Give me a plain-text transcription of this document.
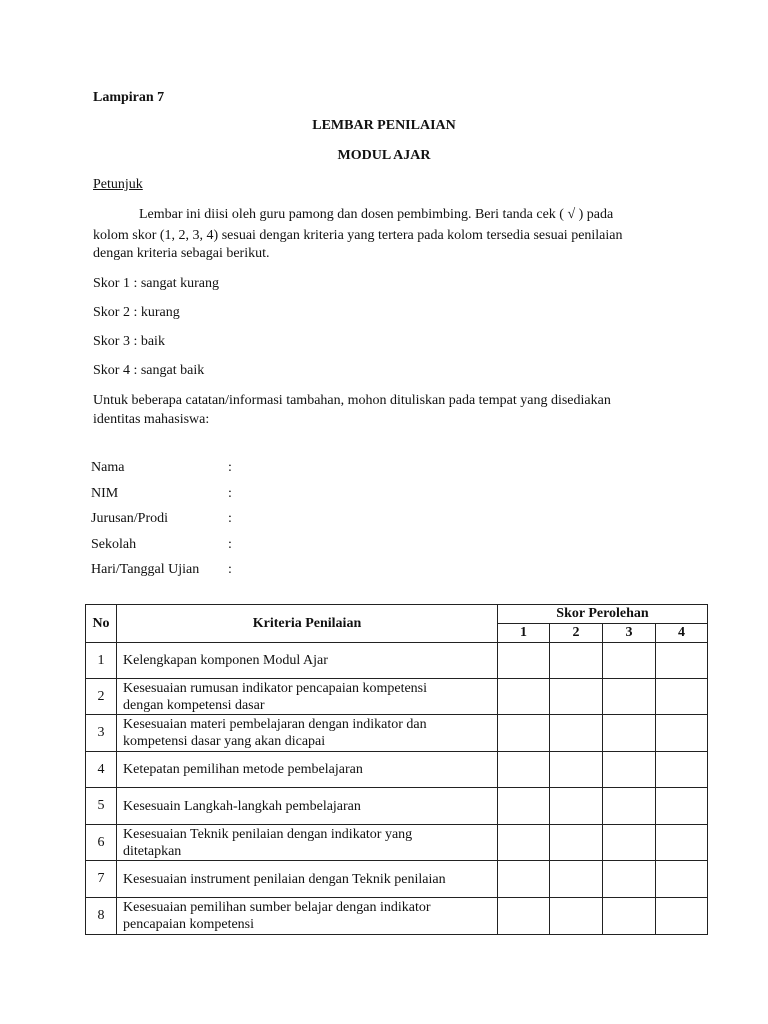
Lampiran 7
LEMBAR PENILAIAN
MODUL AJAR
Petunjuk
Lembar ini diisi oleh guru pamong dan dosen pembimbing. Beri tanda cek ( √ ) pada
kolom skor (1, 2, 3, 4) sesuai dengan kriteria yang tertera pada kolom tersedia sesuai penilaian
dengan kriteria sebagai berikut.
Skor 1 : sangat kurang
Skor 2 : kurang
Skor 3 : baik
Skor 4 : sangat baik
Untuk beberapa catatan/informasi tambahan, mohon dituliskan pada tempat yang disediakan
identitas mahasiswa:
Nama	:
NIM	:
Jurusan/Prodi	:
Sekolah	:
Hari/Tanggal Ujian :
No	Kriteria Penilaian	Skor Perolehan			
		1	2	3	4
1	Kelengkapan komponen Modul Ajar				

2	Kesesuaian rumusan indikator pencapaian kompetensi
dengan kompetensi dasar				

3	Kesesuaian materi pembelajaran dengan indikator dan
kompetensi dasar yang akan dicapai				

4	Ketepatan pemilihan metode pembelajaran				

5	Kesesuain Langkah-langkah pembelajaran				

6	Kesesuaian Teknik penilaian dengan indikator yang
ditetapkan				

7	Kesesuaian instrument penilaian dengan Teknik penilaian				

8	Kesesuaian pemilihan sumber belajar dengan indikator
pencapaian kompetensi				
